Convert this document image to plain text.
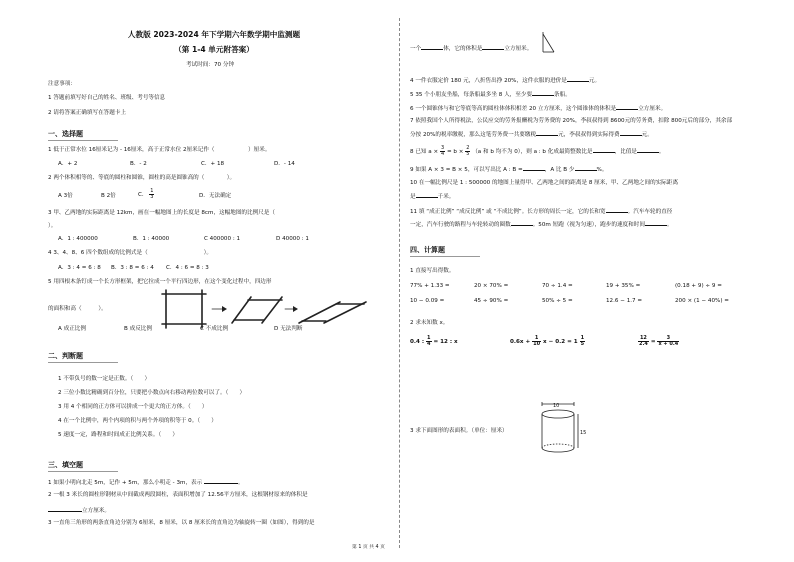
人教版 2023-2024 年下学期六年数学期中监测题
（第 1-4 单元附答案）
考试时间：70 分钟
注意事项：
1 答题前填写好自己的姓名、班级、考号等信息
2 请将答案正确填写在答题卡上
一、选择题
1 低于正常水位 16厘米记为 - 16厘米，高于正常水位 2厘米记作（　　　　　　）厘米。
A．+ 2	B．- 2	C．+ 18	D．- 14
2 两个体积相等的、等底的圆柱和圆锥，圆柱的高是圆锥高的（　　　　）。
A 3倍	B 2倍	C． $\frac{1}{3}$	D．无法确定
3 甲、乙两地的实际距离是 12km，画在一幅地图上的长度是 8cm，这幅地图的比例尺是（
）。
A．1 : 400000	B．1 : 40000	C 400000 : 1	D 40000 : 1
4 3、4、8、6 四个数组成的比例式是（　　　　　　　　　　）。
A．3 : 4 = 6 : 8 B．3 : 8 = 6 : 4 C．4 : 6 = 8 : 3
5 用四根木条钉成一个长方形框架，把它拉成一个平行四边形，在这个变化过程中，四边形
的面积和高（　　　）。
A 成正比例	B 成反比例	C 不成比例	D 无法判断
二、判断题
1 不带负号的数一定是正数。（　　）
2 三位小数比精确到百分位，只要把小数点向右移动两位数可以了。（　　）
3 用 4 个相同的正方体可以拼成一个更大的正方体。（　　）
4 在一个比例中，两个内项的积与两个外项的积等于 0。（　　）
5 速度一定，路程和时间成正比例关系。（　　）
三、填空题
1 如果小明向北走 5m，记作 + 5m，那么小明走 - 3m，表示	。
2 一根 3 米长的圆柱形钢材从中间截成两段圆柱，表面积增加了 12.56平方厘米，这根钢材原来的体积是
立方厘米。
3 一直角三角形的两条直角边分别为 6厘米，8 厘米，以 8 厘米长的直角边为轴旋转一圈（如图），得到的是
一个	体，它的体积是	立方厘米。
4 一件衣服定价 180 元，八折售出挣 20%，这件衣服的进价是	元。
5 35 个小朋友坐船，每条船最多坐 8 人，至少要	条船。
6 一个圆锥体与和它等底等高的圆柱体体积相差 20 立方厘米，这个圆锥体的体积是	立方厘米。
7 依照我国个人所得税法，公民应交的劳务报酬税为劳务费的 20%，李叔叔得到 8600元的劳务费，扣除 800元后的部分，其余部
分按 20%的税率缴税，那么这笔劳务费一共要缴税	元，李叔叔得到实际得费	元。
8 已知 $a \times \frac{3}{4} = b \times \frac{2}{5} (a$ 和 b 均不为 0），则 a : b 化成最简整数比是	，比值是	。
9 如果 A × 3 = B × 5，可以写出比 A : B =	，A 比 B 少	%。
10 在一幅比例尺是 1 : 500000 的地图上量得甲、乙两地之间的距离是 8 厘米，甲、乙两地之间的实际距离
是	千米。
11 填 “成正比例” “成反比例” 或 “不成比例”。长方形的周长一定，它的长和宽	。汽车车轮的直径
一定，汽车行驶的路程与车轮转动的圈数	。50m 短跑（视为匀速），跑步的速度和时间	。
四、计算题
1 直接写出得数。
77% + 1.33 =	20 × 70% =	70 ÷ 1.4 =	19 + 35% =	(0.18 + 9) ÷ 9 =
10 − 0.09 =	45 ÷ 90% =	50% ÷ 5 =	12.6 − 1.7 =	200 × (1 − 40%) =
2 求未知数 x。
0.4 : $\frac{1}{4} = 12$ : x	$0.6x + \frac{1}{10}$ $x - 0.2 = 1 \frac{1}{5}$	$\frac{12}{2.4} = \frac{3}{x + 0.4}$
3 求下面图形的表面积。（单位：厘米）
10
15
第 1 页 共 4 页
